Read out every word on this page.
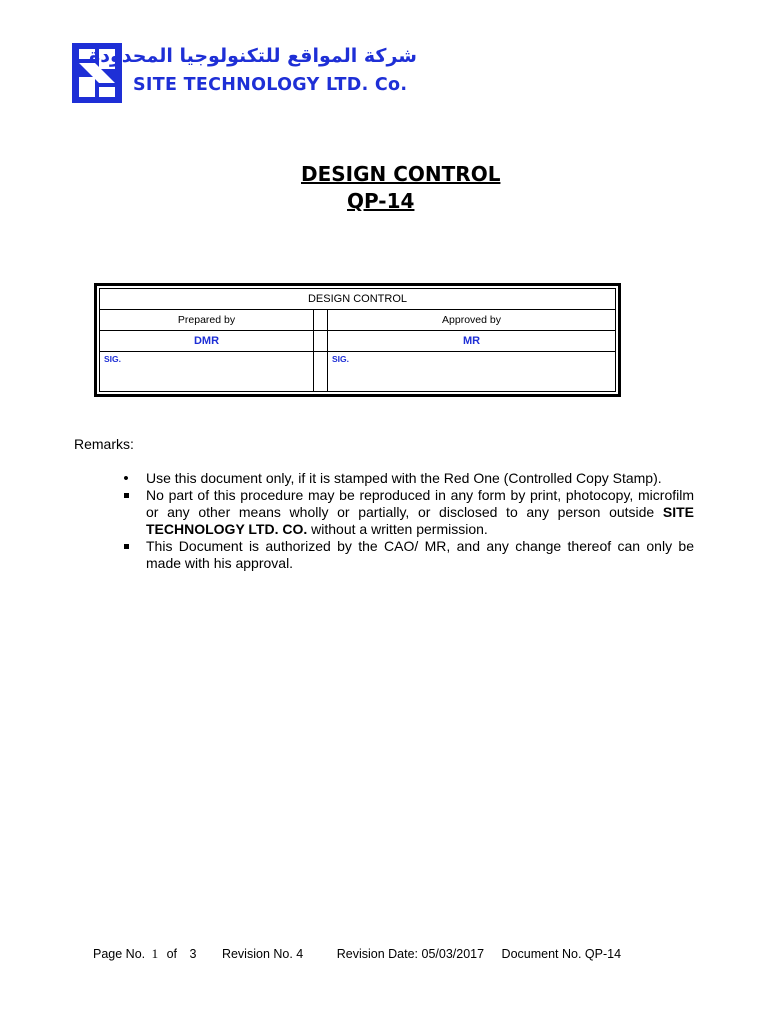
شركة المواقع للتكنولوجيا المحدودة
SITE TECHNOLOGY LTD. Co.
DESIGN CONTROL
QP-14
DESIGN CONTROL		
Prepared by		Approved by
DMR		MR
SIG.		SIG.
Remarks:
•
Use this document only, if it is stamped with the Red One (Controlled Copy Stamp).
No part of this procedure may be reproduced in any form by print, photocopy, microfilm or any other means wholly or partially, or disclosed to any person outside SITE TECHNOLOGY LTD. CO. without a written permission.
This Document is authorized by the CAO/ MR, and any change thereof can only be made with his approval.
Page No. 1 of 3 Revision No. 4	Revision Date: 05/03/2017 Document No. QP-14
